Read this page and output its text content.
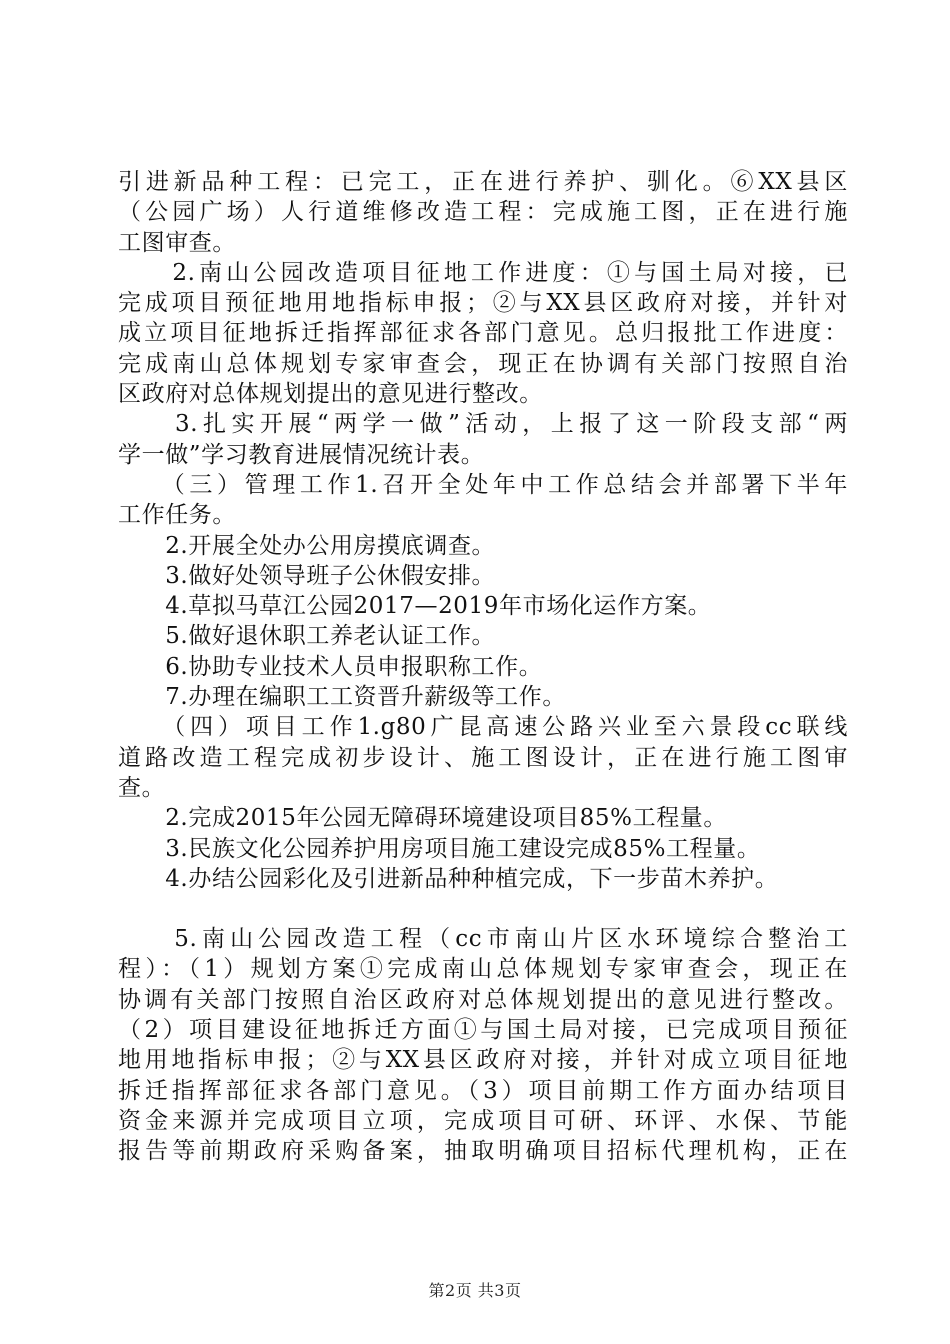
引进新品种工程：已完工，正在进行养护、驯化。⑥XX县区
（公园广场）人行道维修改造工程：完成施工图，正在进行施
工图审查。
　　2.南山公园改造项目征地工作进度：①与国土局对接，已
完成项目预征地用地指标申报；②与XX县区政府对接，并针对
成立项目征地拆迁指挥部征求各部门意见。总归报批工作进度：
完成南山总体规划专家审查会，现正在协调有关部门按照自治
区政府对总体规划提出的意见进行整改。
　　3.扎实开展“两学一做”活动，上报了这一阶段支部“两
学一做”学习教育进展情况统计表。
　　（三）管理工作1.召开全处年中工作总结会并部署下半年
工作任务。
　　2.开展全处办公用房摸底调查。
　　3.做好处领导班子公休假安排。
　　4.草拟马草江公园2017—2019年市场化运作方案。
　　5.做好退休职工养老认证工作。
　　6.协助专业技术人员申报职称工作。
　　7.办理在编职工工资晋升薪级等工作。
　　（四）项目工作1.g80广昆高速公路兴业至六景段cc联线
道路改造工程完成初步设计、施工图设计，正在进行施工图审
查。
　　2.完成2015年公园无障碍环境建设项目85%工程量。
　　3.民族文化公园养护用房项目施工建设完成85%工程量。
　　4.办结公园彩化及引进新品种种植完成，下一步苗木养护。
　　5.南山公园改造工程（cc市南山片区水环境综合整治工
程）：（1）规划方案①完成南山总体规划专家审查会，现正在
协调有关部门按照自治区政府对总体规划提出的意见进行整改。
（2）项目建设征地拆迁方面①与国土局对接，已完成项目预征
地用地指标申报；②与XX县区政府对接，并针对成立项目征地
拆迁指挥部征求各部门意见。（3）项目前期工作方面办结项目
资金来源并完成项目立项，完成项目可研、环评、水保、节能
报告等前期政府采购备案，抽取明确项目招标代理机构，正在
第2页 共3页
